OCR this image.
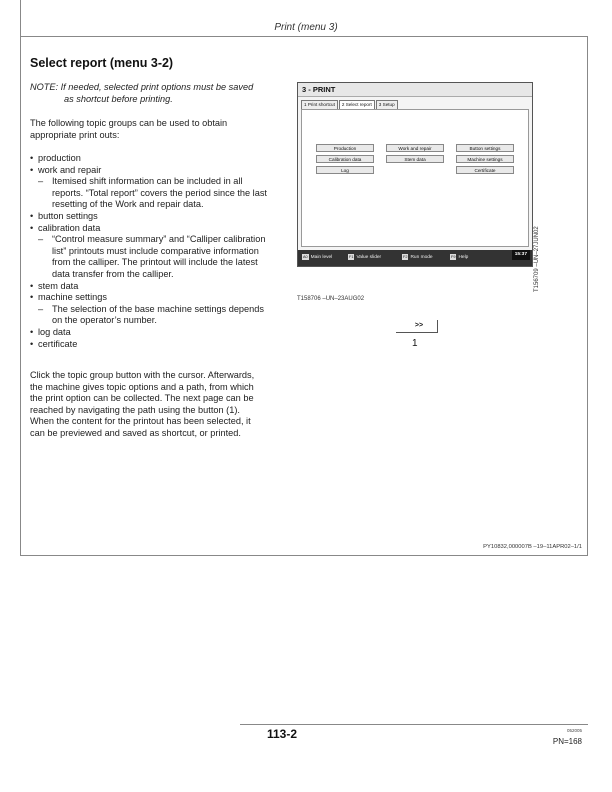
Print (menu 3)
Select report (menu 3-2)
NOTE: If needed, selected print options must be saved
as shortcut before printing.

The following topic groups can be used to obtain

appropriate print outs:

• production
• work and repair
– Itemised shift information can be included in all
reports. “Total report” covers the period since the last
resetting of the Work and repair data.
• button settings
• calibration data
– “Control measure summary” and “Calliper calibration
list” printouts must include comparative information
from the calliper. The printout will include the latest
data transfer from the calliper.
• stem data
• machine settings
– The selection of the base machine settings depends
on the operator’s number.
• log data
• certificate

Click the topic group button with the cursor. Afterwards,

the machine gives topic options and a path, from which

the print option can be collected. The next page can be

reached by navigating the path using the button (1).

When the content for the printout has been selected, it

can be previewed and saved as shortcut, or printed.

3 - PRINT
1 Print shortcut	2 Select report	3 Setup
Production	Work and repair	Button settings
Calibration data	Stem data	Machine settings
Log	Certificate
A0 Main level	F1 Value slider	F2 Run mode	F9 Help
15:37	T156709 –UN–27JUN02
T158706 –UN–23AUG02
>>
1
PY10832,000007B –19–11APR02–1/1
113-2	052005
PN=168
